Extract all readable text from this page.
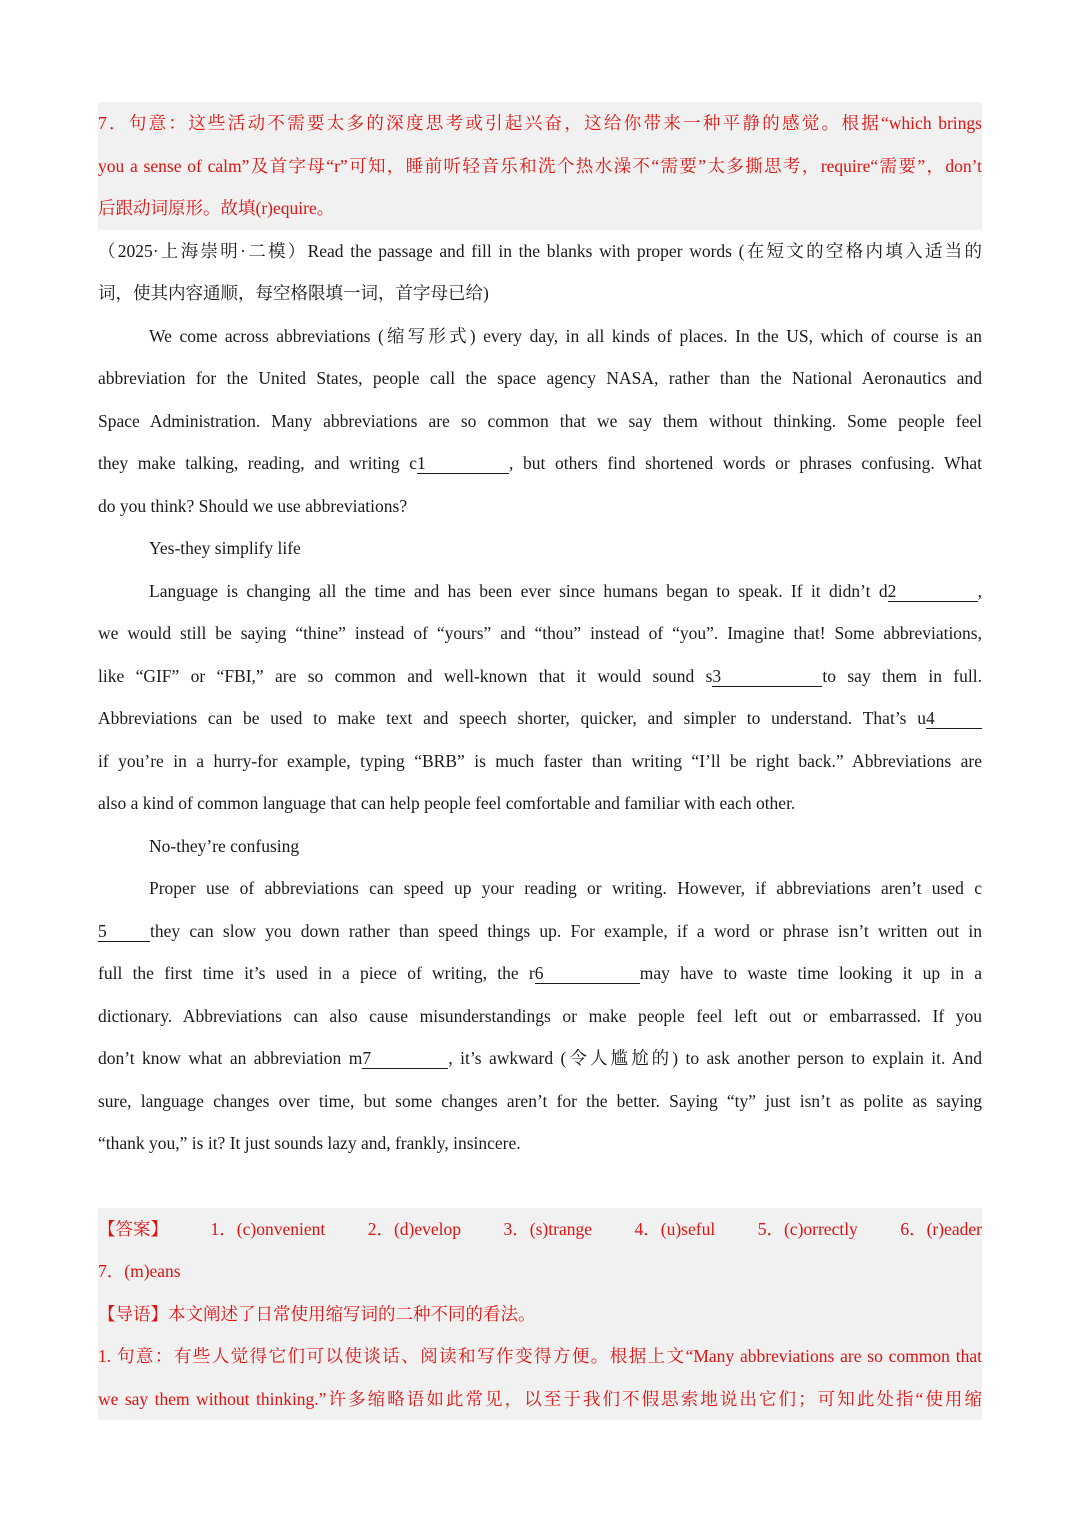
7．句意：这些活动不需要太多的深度思考或引起兴奋，这给你带来一种平静的感觉。根据“which brings
you a sense of calm”及首字母“r”可知，睡前听轻音乐和洗个热水澡不“需要”太多撕思考，require“需要”，don’t
后跟动词原形。故填(r)equire。
（2025·上海崇明·二模）Read the passage and fill in the blanks with proper words (在短文的空格内填入适当的
词，使其内容通顺，每空格限填一词，首字母已给)
We come across abbreviations (缩写形式) every day, in all kinds of places. In the US, which of course is an
abbreviation for the United States, people call the space agency NASA, rather than the National Aeronautics and
Space Administration. Many abbreviations are so common that we say them without thinking. Some people feel
they make talking, reading, and writing c1	, but others find shortened words or phrases confusing. What
do you think? Should we use abbreviations?
Yes-they simplify life
Language is changing all the time and has been ever since humans began to speak. If it didn’t d2	,
we would still be saying “thine” instead of “yours” and “thou” instead of “you”. Imagine that! Some abbreviations,
like “GIF” or “FBI,” are so common and well-known that it would sound s3	to say them in full.
Abbreviations can be used to make text and speech shorter, quicker, and simpler to understand. That’s u4
if you’re in a hurry-for example, typing “BRB” is much faster than writing “I’ll be right back.” Abbreviations are
also a kind of common language that can help people feel comfortable and familiar with each other.
No-they’re confusing
Proper use of abbreviations can speed up your reading or writing. However, if abbreviations aren’t used c
5 they can slow you down rather than speed things up. For example, if a word or phrase isn’t written out in
full the first time it’s used in a piece of writing, the r6	may have to waste time looking it up in a
dictionary. Abbreviations can also cause misunderstandings or make people feel left out or embarrassed. If you
don’t know what an abbreviation m7	, it’s awkward (令人尴尬的) to ask another person to explain it. And
sure, language changes over time, but some changes aren’t for the better. Saying “ty” just isn’t as polite as saying
“thank you,” is it? It just sounds lazy and, frankly, insincere.
【答案】 1．(c)onvenient 2．(d)evelop 3．(s)trange 4．(u)seful 5．(c)orrectly 6．(r)eader
7．(m)eans
【导语】本文阐述了日常使用缩写词的二种不同的看法。
1. 句意：有些人觉得它们可以使谈话、阅读和写作变得方便。根据上文“Many abbreviations are so common that
we say them without thinking.”许多缩略语如此常见，以至于我们不假思索地说出它们；可知此处指“使用缩
